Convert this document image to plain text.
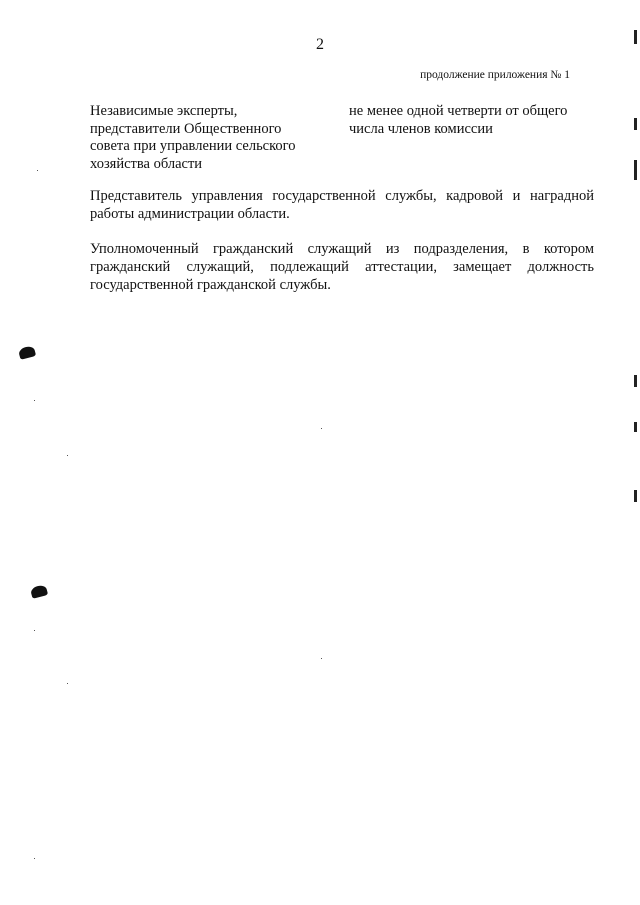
2
продолжение приложения № 1
Независимые эксперты,
представители Общественного
совета при управлении сельского
хозяйства области
не менее одной четверти от общего
числа членов комиссии
Представитель управления государственной службы, кадровой и наградной
работы администрации области.
Уполномоченный гражданский служащий из подразделения, в котором
гражданский служащий, подлежащий аттестации, замещает должность
государственной гражданской службы.
